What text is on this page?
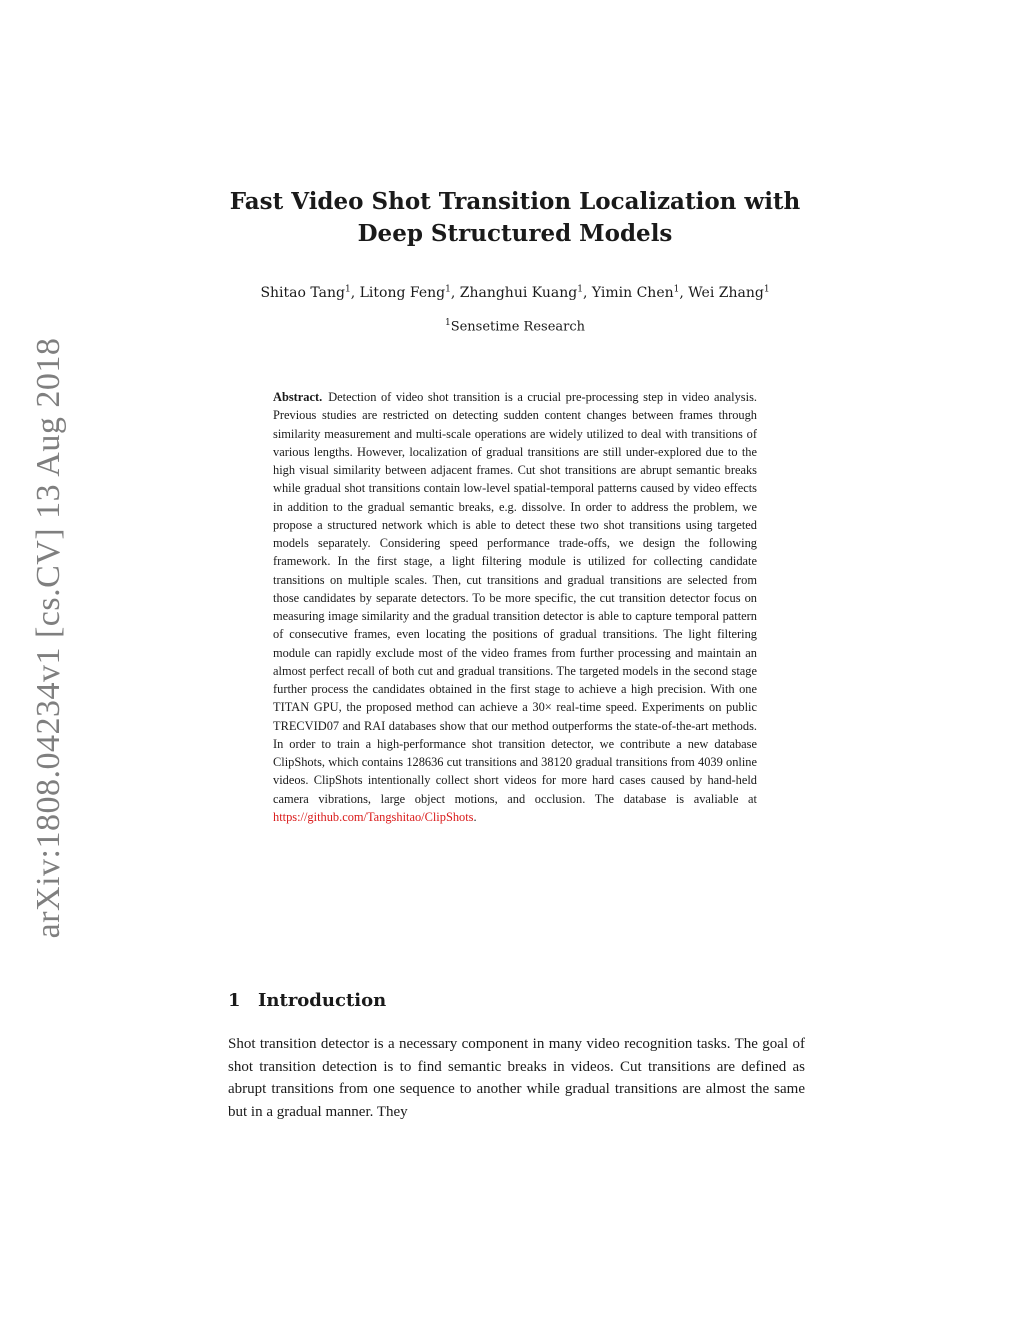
arXiv:1808.04234v1 [cs.CV] 13 Aug 2018
Fast Video Shot Transition Localization with
Deep Structured Models
Shitao Tang$^1$, Litong Feng$^1$, Zhanghui Kuang$^1$, Yimin Chen$^1$, Wei Zhang$^1$
$^1$Sensetime Research
Abstract. Detection of video shot transition is a crucial pre-processing step in video analysis. Previous studies are restricted on detecting sudden content changes between frames through similarity measurement and multi-scale operations are widely utilized to deal with transitions of various lengths. However, localization of gradual transitions are still under-explored due to the high visual similarity between adjacent frames. Cut shot transitions are abrupt semantic breaks while gradual shot transitions contain low-level spatial-temporal patterns caused by video effects in addition to the gradual semantic breaks, e.g. dissolve. In order to address the problem, we propose a structured network which is able to detect these two shot transitions using targeted models separately. Considering speed performance trade-offs, we design the following framework. In the first stage, a light filtering module is utilized for collecting candidate transitions on multiple scales. Then, cut transitions and gradual transitions are selected from those candidates by separate detectors. To be more specific, the cut transition detector focus on measuring image similarity and the gradual transition detector is able to capture temporal pattern of consecutive frames, even locating the positions of gradual transitions. The light filtering module can rapidly exclude most of the video frames from further processing and maintain an almost perfect recall of both cut and gradual transitions. The targeted models in the second stage further process the candidates obtained in the first stage to achieve a high precision. With one TITAN GPU, the proposed method can achieve a 30× real-time speed. Experiments on public TRECVID07 and RAI databases show that our method outperforms the state-of-the-art methods. In order to train a high-performance shot transition detector, we contribute a new database ClipShots, which contains 128636 cut transitions and 38120 gradual transitions from 4039 online videos. ClipShots intentionally collect short videos for more hard cases caused by hand-held camera vibrations, large object motions, and occlusion. The database is avaliable at https://github.com/Tangshitao/ClipShots.
1 Introduction
Shot transition detector is a necessary component in many video recognition tasks. The goal of shot transition detection is to find semantic breaks in videos. Cut transitions are defined as abrupt transitions from one sequence to another while gradual transitions are almost the same but in a gradual manner. They
